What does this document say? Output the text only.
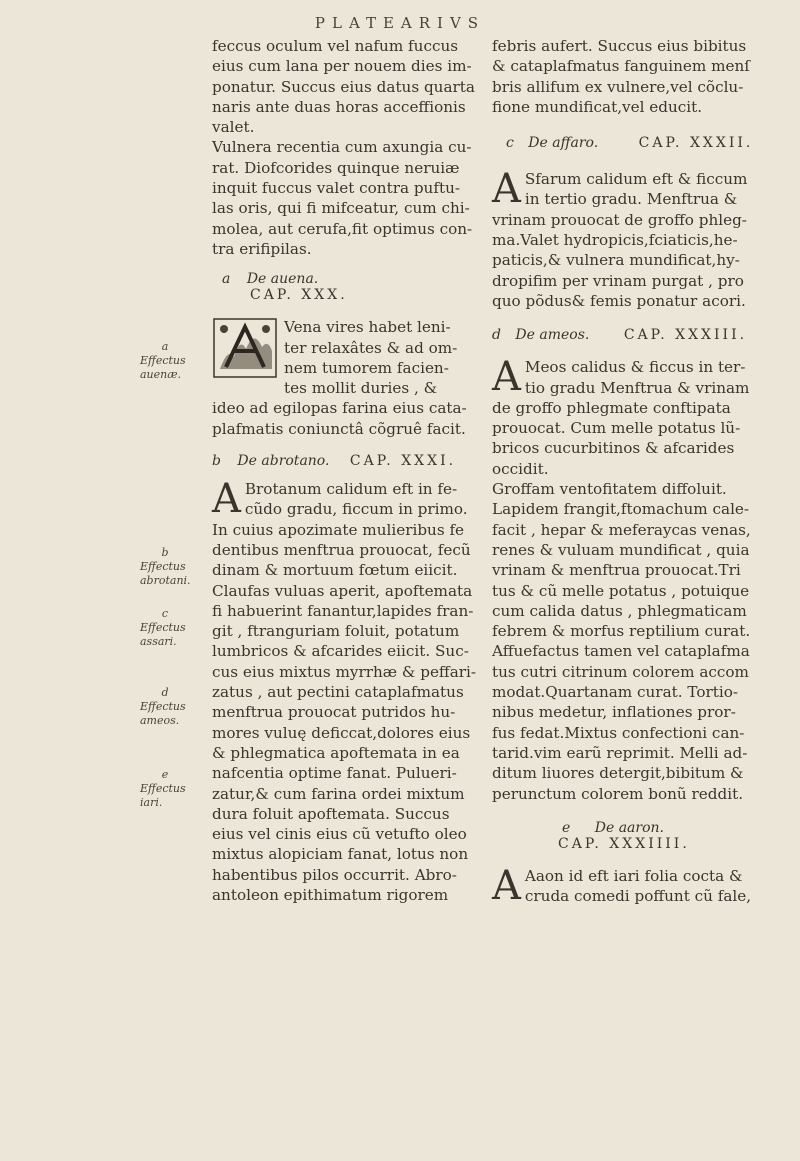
PLATEARIVS
a
Effectus auenæ.
b
Effectus abrotani.
c
Effectus assari.
d
Effectus ameos.
e
Effectus iari.

feccus oculum vel nafum fuccus
eius cum lana per nouem dies im-
ponatur. Succus eius datus quarta
naris ante duas horas acceffionis
valet.

Vulnera recentia cum axungia cu-
rat. Diofcorides quinque neruiæ
inquit fuccus valet contra puftu-
las oris, qui fi mifceatur, cum chi-
molea, aut cerufa,fit optimus con-
tra erifipilas.

a De auena.
CAP. XXX.

Vena vires habet leni-
ter relaxâtes & ad om-
nem tumorem facien-
tes mollit duries , &
ideo ad egilopas farina eius cata-
plafmatis coniunctâ cõgruê facit.

b De abrotano. CAP. XXXI.

A Brotanum calidum eft in fe-
cũdo gradu, ficcum in primo.
In cuius apozimate mulieribus fe
dentibus menftrua prouocat, fecũ
dinam & mortuum fœtum eiicit.
Claufas vuluas aperit, apoftemata
fi habuerint fanantur,lapides fran-
git , ftranguriam foluit, potatum
lumbricos & afcarides eiicit. Suc-
cus eius mixtus myrrhæ & peffari-
zatus , aut pectini cataplafmatus
menftrua prouocat putridos hu-
mores vuluę deficcat,dolores eius
& phlegmatica apoftemata in ea
nafcentia optime fanat. Pulueri-
zatur,& cum farina ordei mixtum
dura foluit apoftemata. Succus
eius vel cinis eius cũ vetufto oleo
mixtus alopiciam fanat, lotus non
habentibus pilos occurrit. Abro-
antoleon epithimatum rigorem

febris aufert. Succus eius bibitus
& cataplafmatus fanguinem menſ
bris allifum ex vulnere,vel cõclu-
fione mundificat,vel educit.

c De affaro.	CAP. XXXII.

A Sfarum calidum eft & ficcum
in tertio gradu. Menftrua &
vrinam prouocat de groffo phleg-
ma.Valet hydropicis,fciaticis,he-
paticis,& vulnera mundificat,hy-
dropifim per vrinam purgat , pro
quo põdus& femis ponatur acori.

d De ameos. CAP. XXXIII.

A Meos calidus & ficcus in ter-
tio gradu Menftrua & vrinam
de groffo phlegmate conftipata
prouocat. Cum melle potatus lũ-
bricos cucurbitinos & afcarides
occidit.

Groffam ventofitatem diffoluit.
Lapidem frangit,ftomachum cale-
facit , hepar & meferaycas venas,
renes & vuluam mundificat , quia
vrinam & menftrua prouocat.Tri
tus & cũ melle potatus , potuique
cum calida datus , phlegmaticam
febrem & morfus reptilium curat.
Affuefactus tamen vel cataplafma
tus cutri citrinum colorem accom
modat.Quartanam curat. Tortio-
nibus medetur, inflationes pror-
fus fedat.Mixtus confectioni can-
tarid.vim earũ reprimit. Melli ad-
ditum liuores detergit,bibitum &
perunctum colorem bonũ reddit.

e De aaron.
CAP. XXXIIII.

A Aaon id eft iari folia cocta &
cruda comedi poffunt cũ fale,
